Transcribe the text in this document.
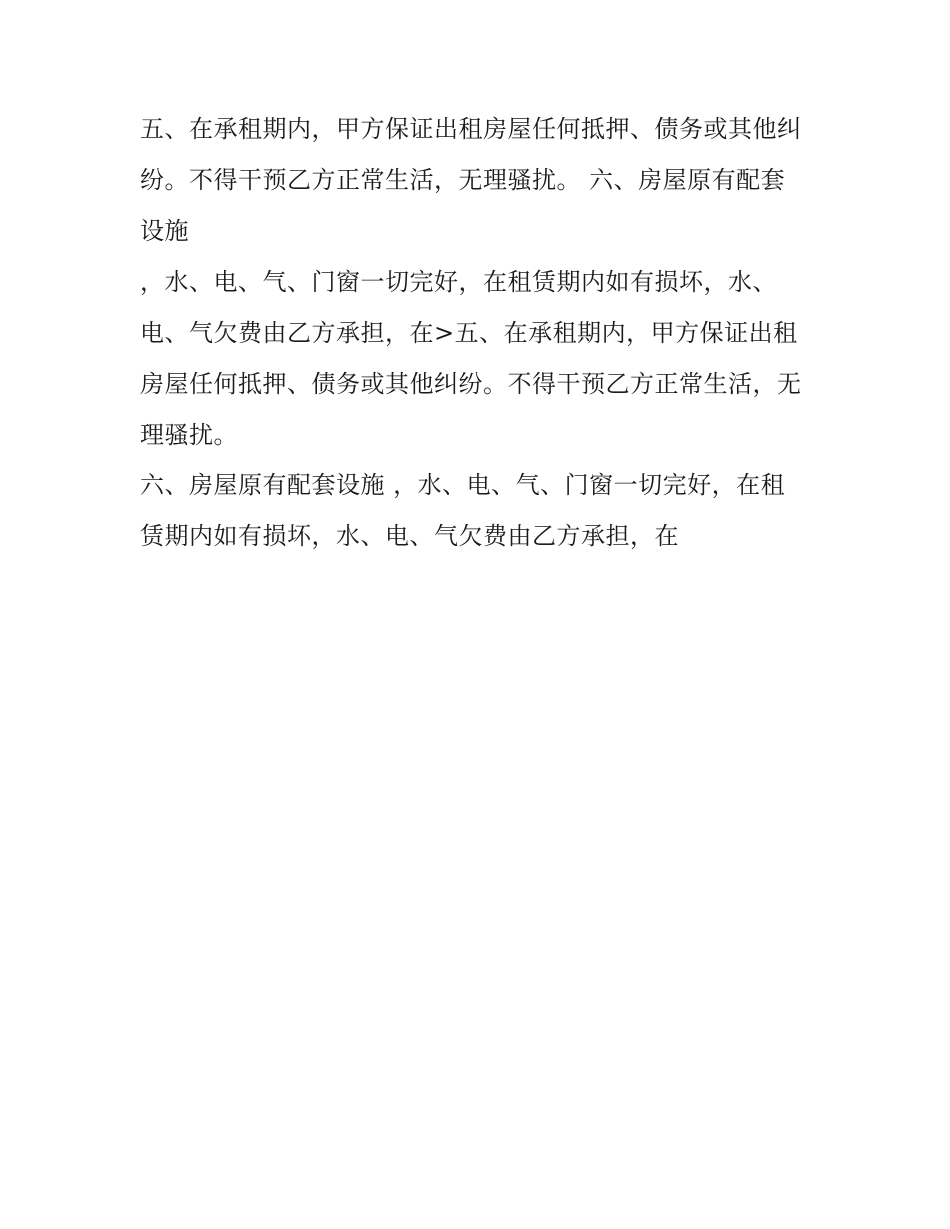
五、在承租期内，甲方保证出租房屋任何抵押、债务或其他纠
纷。不得干预乙方正常生活，无理骚扰。 六、房屋原有配套
设施
，水、电、气、门窗一切完好，在租赁期内如有损坏，水、
电、气欠费由乙方承担，在>五、在承租期内，甲方保证出租
房屋任何抵押、债务或其他纠纷。不得干预乙方正常生活，无
理骚扰。
六、房屋原有配套设施 ，水、电、气、门窗一切完好，在租
赁期内如有损坏，水、电、气欠费由乙方承担，在
